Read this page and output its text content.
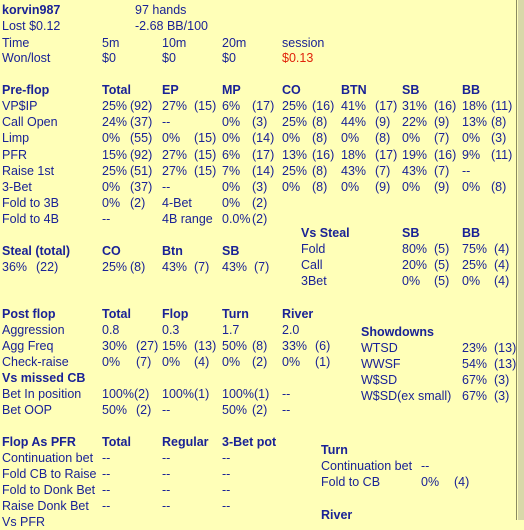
korvin987	97 hands
Lost $0.12	-2.68 BB/100
Time	5m	10m	20m	session
Won/lost	$0	$0	$0	$0.13
Pre-flop	Total EP	MP	CO	BTN	SB	BB
VP$IP	25% (92) 27% (15) 6% (17) 25% (16) 41% (17) 31% (16) 18% (11)
Call Open	24% (37) --	0% (3) 25% (8) 44% (9) 22% (9) 13% (8)
Limp	0% (55) 0% (15) 0% (14) 0% (8) 0% (8) 0% (7) 0% (3)
PFR	15% (92) 27% (15) 6% (17) 13% (16) 18% (17) 19% (16) 9% (11)
Raise 1st	25% (51) 27% (15) 7% (14) 25% (8) 43% (7) 43% (7) --
3-Bet	0% (37) --	0% (3) 0% (8) 0% (9) 0% (9) 0% (8)
Fold to 3B	0% (2) 4-Bet 0% (2)
Fold to 4B	--	4B range 0.0% (2)
Vs Steal	SB	BB
Fold	80% (5) 75% (4)
Call	20% (5) 25% (4)
3Bet	0% (5) 0% (4)
Steal (total)	CO	Btn	SB
36% (22)	25% (8) 43% (7) 43% (7)
Post flop	Total Flop	Turn	River
Aggression	0.8	0.3	1.7	2.0
Agg Freq	30% (27) 15% (13) 50% (8) 33% (6)
Check-raise	0% (7) 0% (4) 0% (2) 0% (1)
Vs missed CB
Bet In position 100%(2) 100%(1) 100%(1) --
Bet OOP	50% (2) --	50% (2) --
Showdowns
WTSD	23% (13)
WWSF	54% (13)
W$SD	67% (3)
W$SD(ex small) 67% (3)
Flop As PFR Total Regular 3-Bet pot
Continuation bet --	--	--
Fold CB to Raise --	--	--
Fold to Donk Bet --	--	--
Raise Donk Bet --	--	--
Vs PFR
Turn
Continuation bet --
Fold to CB	0% (4)
River
